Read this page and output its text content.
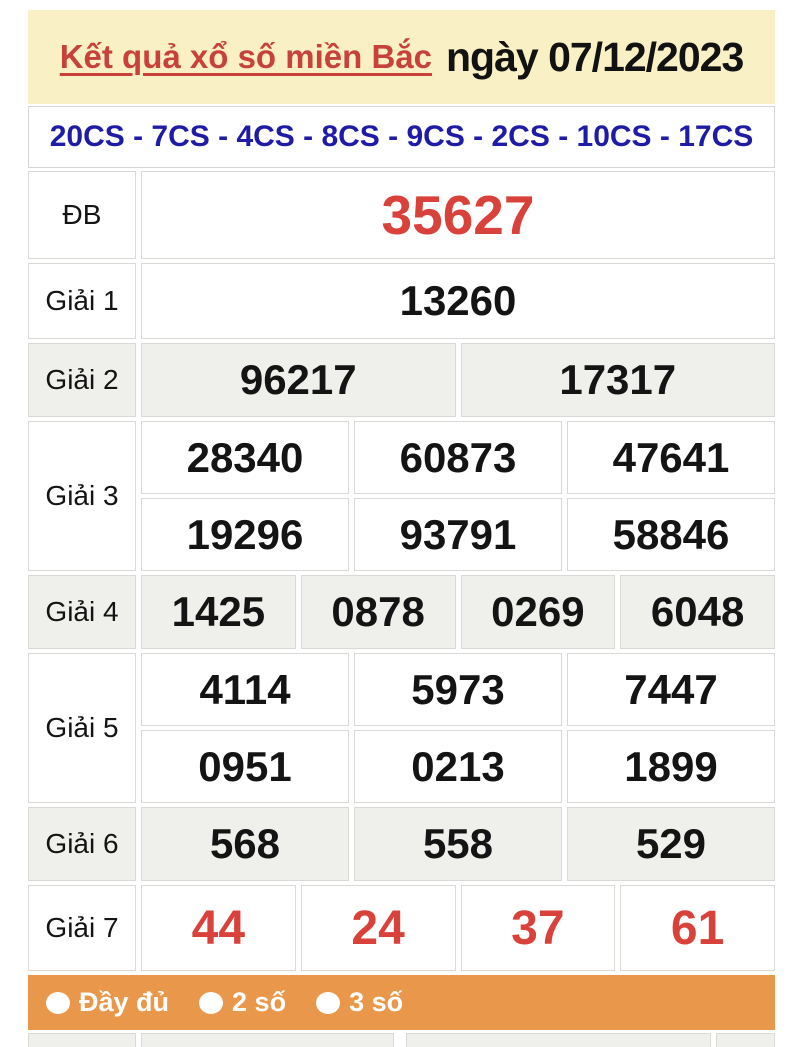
Kết quả xổ số miền Bắc ngày 07/12/2023
20CS - 7CS - 4CS - 8CS - 9CS - 2CS - 10CS - 17CS
ĐB	35627
Giải 1	13260
Giải 2	96217	17317
Giải 3
28340	60873	47641
19296	93791	58846
Giải 4	1425	0878	0269	6048
Giải 5
4114	5973	7447
0951	0213	1899
Giải 6	568	558	529
Giải 7	44	24	37	61
Đầy đủ 2 số 3 số
